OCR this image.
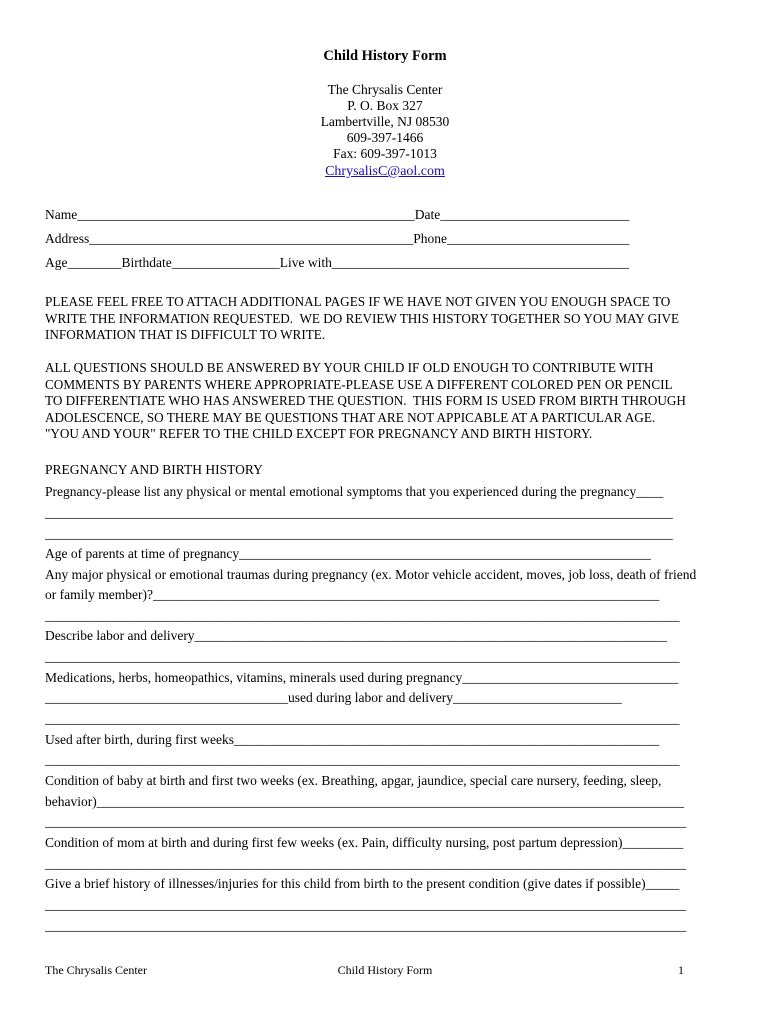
Child History Form
The Chrysalis Center
P. O. Box 327
Lambertville, NJ 08530
609-397-1466
Fax: 609-397-1013
ChrysalisC@aol.com
Name__________________________________________________Date____________________________
Address________________________________________________Phone___________________________
Age________Birthdate________________Live with____________________________________________
PLEASE FEEL FREE TO ATTACH ADDITIONAL PAGES IF WE HAVE NOT GIVEN YOU ENOUGH SPACE TO
WRITE THE INFORMATION REQUESTED.  WE DO REVIEW THIS HISTORY TOGETHER SO YOU MAY GIVE
INFORMATION THAT IS DIFFICULT TO WRITE.
ALL QUESTIONS SHOULD BE ANSWERED BY YOUR CHILD IF OLD ENOUGH TO CONTRIBUTE WITH
COMMENTS BY PARENTS WHERE APPROPRIATE-PLEASE USE A DIFFERENT COLORED PEN OR PENCIL
TO DIFFERENTIATE WHO HAS ANSWERED THE QUESTION.  THIS FORM IS USED FROM BIRTH THROUGH
ADOLESCENCE, SO THERE MAY BE QUESTIONS THAT ARE NOT APPICABLE AT A PARTICULAR AGE.
"YOU AND YOUR" REFER TO THE CHILD EXCEPT FOR PREGNANCY AND BIRTH HISTORY.
PREGNANCY AND BIRTH HISTORY
Pregnancy-please list any physical or mental emotional symptoms that you experienced during the pregnancy____
_____________________________________________________________________________________________
_____________________________________________________________________________________________
Age of parents at time of pregnancy_____________________________________________________________
Any major physical or emotional traumas during pregnancy (ex. Motor vehicle accident, moves, job loss, death of friend
or family member)?___________________________________________________________________________
______________________________________________________________________________________________
Describe labor and delivery______________________________________________________________________
______________________________________________________________________________________________
Medications, herbs, homeopathics, vitamins, minerals used during pregnancy________________________________
____________________________________used during labor and delivery_________________________
______________________________________________________________________________________________
Used after birth, during first weeks_______________________________________________________________
______________________________________________________________________________________________
Condition of baby at birth and first two weeks (ex. Breathing, apgar, jaundice, special care nursery, feeding, sleep,
behavior)_______________________________________________________________________________________
_______________________________________________________________________________________________
Condition of mom at birth and during first few weeks (ex. Pain, difficulty nursing, post partum depression)_________
_______________________________________________________________________________________________
Give a brief history of illnesses/injuries for this child from birth to the present condition (give dates if possible)_____
_______________________________________________________________________________________________
_______________________________________________________________________________________________
The Chrysalis Center	Child History Form	1
